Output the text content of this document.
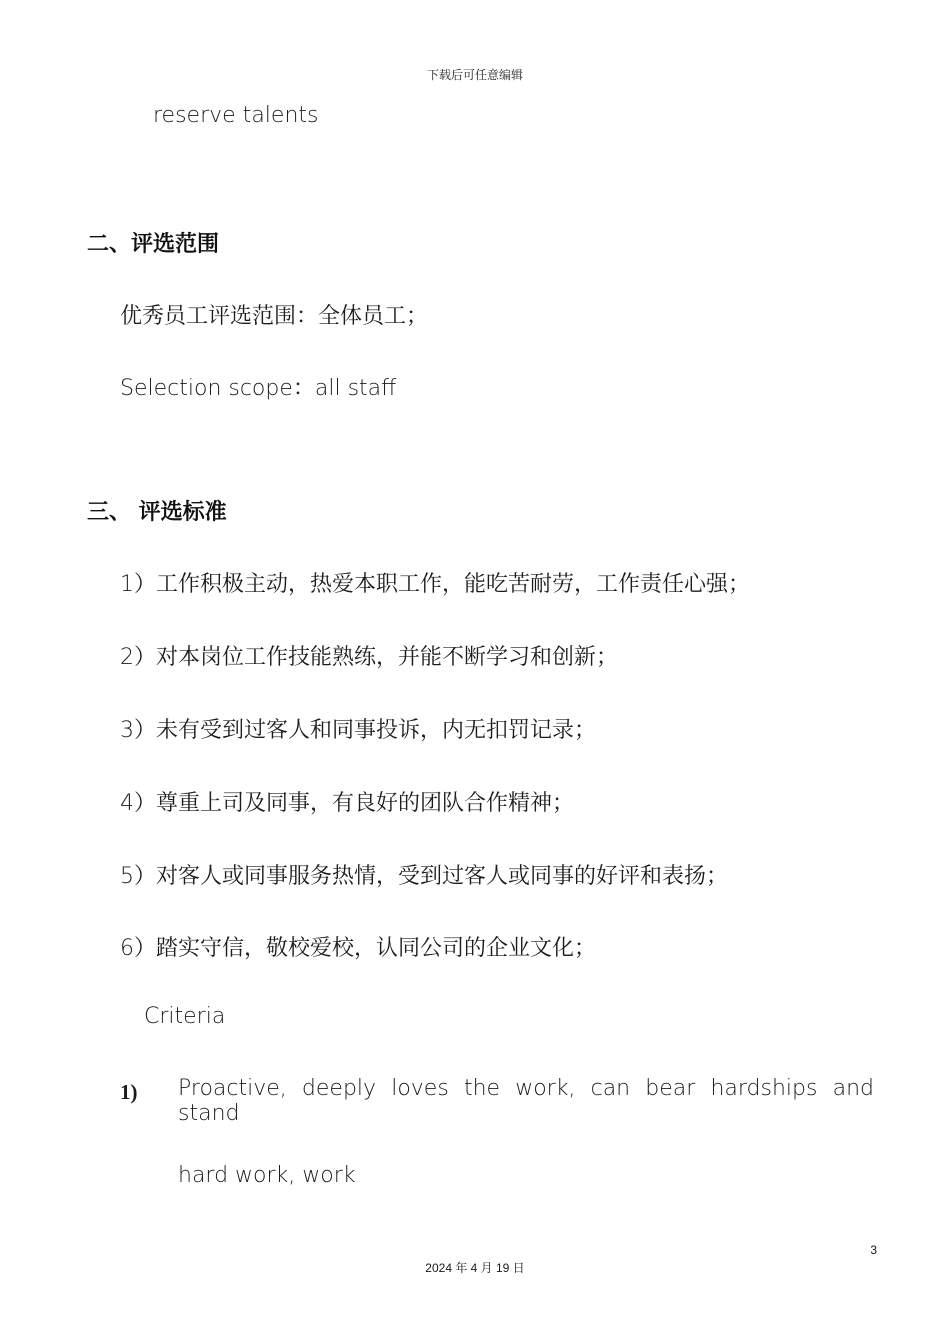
下载后可任意编辑
reserve talents
二、评选范围
优秀员工评选范围：全体员工；
Selection scope：all staff
三、 评选标准
1）工作积极主动，热爱本职工作，能吃苦耐劳，工作责任心强；
2）对本岗位工作技能熟练，并能不断学习和创新；
3）未有受到过客人和同事投诉，内无扣罚记录；
4）尊重上司及同事，有良好的团队合作精神；
5）对客人或同事服务热情，受到过客人或同事的好评和表扬；
6）踏实守信，敬校爱校，认同公司的企业文化；
Criteria
1) Proactive, deeply loves the work, can bear hardships and stand
hard work, work
3
2024 年 4 月 19 日
